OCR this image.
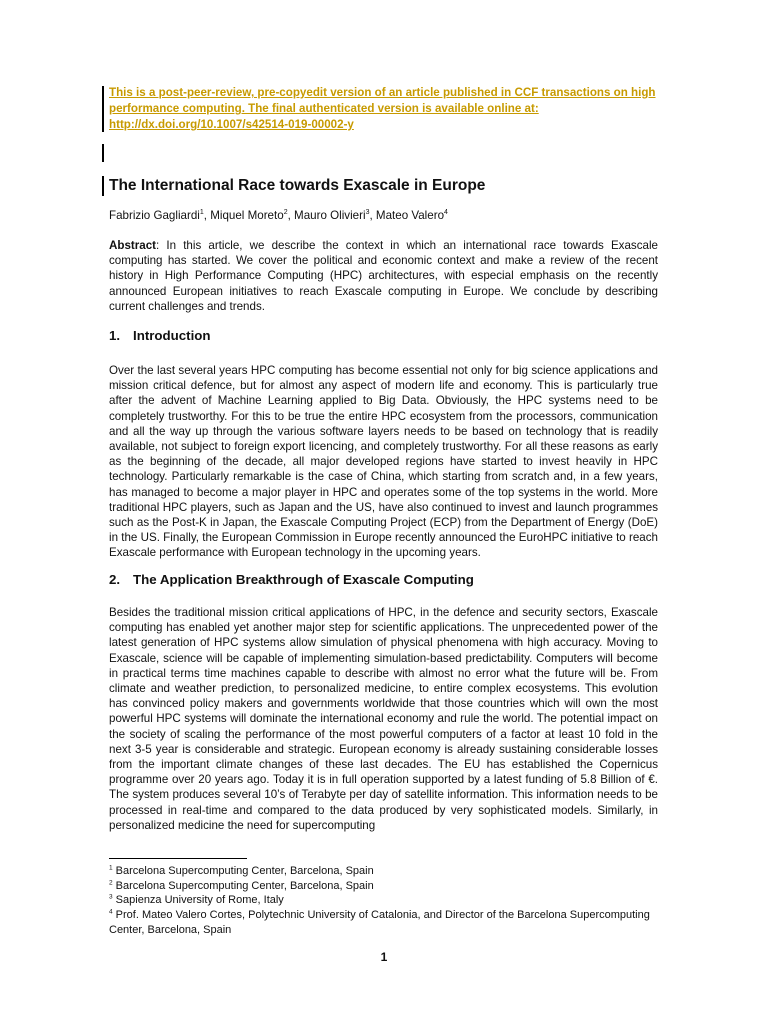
This is a post-peer-review, pre-copyedit version of an article published in CCF transactions on high
performance computing. The final authenticated version is available online at:
http://dx.doi.org/10.1007/s42514-019-00002-y
The International Race towards Exascale in Europe
Fabrizio Gagliardi$^1$, Miquel Moreto$^2$, Mauro Olivieri$^3$, Mateo Valero$^4$
Abstract: In this article, we describe the context in which an international race towards Exascale computing has started. We cover the political and economic context and make a review of the recent history in High Performance Computing (HPC) architectures, with especial emphasis on the recently announced European initiatives to reach Exascale computing in Europe. We conclude by describing current challenges and trends.
1. Introduction
Over the last several years HPC computing has become essential not only for big science applications and mission critical defence, but for almost any aspect of modern life and economy. This is particularly true after the advent of Machine Learning applied to Big Data. Obviously, the HPC systems need to be completely trustworthy. For this to be true the entire HPC ecosystem from the processors, communication and all the way up through the various software layers needs to be based on technology that is readily available, not subject to foreign export licencing, and completely trustworthy. For all these reasons as early as the beginning of the decade, all major developed regions have started to invest heavily in HPC technology. Particularly remarkable is the case of China, which starting from scratch and, in a few years, has managed to become a major player in HPC and operates some of the top systems in the world. More traditional HPC players, such as Japan and the US, have also continued to invest and launch programmes such as the Post-K in Japan, the Exascale Computing Project (ECP) from the Department of Energy (DoE) in the US. Finally, the European Commission in Europe recently announced the EuroHPC initiative to reach Exascale performance with European technology in the upcoming years.
2. The Application Breakthrough of Exascale Computing
Besides the traditional mission critical applications of HPC, in the defence and security sectors, Exascale computing has enabled yet another major step for scientific applications. The unprecedented power of the latest generation of HPC systems allow simulation of physical phenomena with high accuracy. Moving to Exascale, science will be capable of implementing simulation-based predictability. Computers will become in practical terms time machines capable to describe with almost no error what the future will be. From climate and weather prediction, to personalized medicine, to entire complex ecosystems. This evolution has convinced policy makers and governments worldwide that those countries which will own the most powerful HPC systems will dominate the international economy and rule the world. The potential impact on the society of scaling the performance of the most powerful computers of a factor at least 10 fold in the next 3-5 year is considerable and strategic. European economy is already sustaining considerable losses from the important climate changes of these last decades. The EU has established the Copernicus programme over 20 years ago. Today it is in full operation supported by a latest funding of 5.8 Billion of €. The system produces several 10’s of Terabyte per day of satellite information. This information needs to be processed in real-time and compared to the data produced by very sophisticated models. Similarly, in personalized medicine the need for supercomputing
$^1$ Barcelona Supercomputing Center, Barcelona, Spain
$^2$ Barcelona Supercomputing Center, Barcelona, Spain
$^3$ Sapienza University of Rome, Italy
$^4$ Prof. Mateo Valero Cortes, Polytechnic University of Catalonia, and Director of the Barcelona Supercomputing Center, Barcelona, Spain
1
